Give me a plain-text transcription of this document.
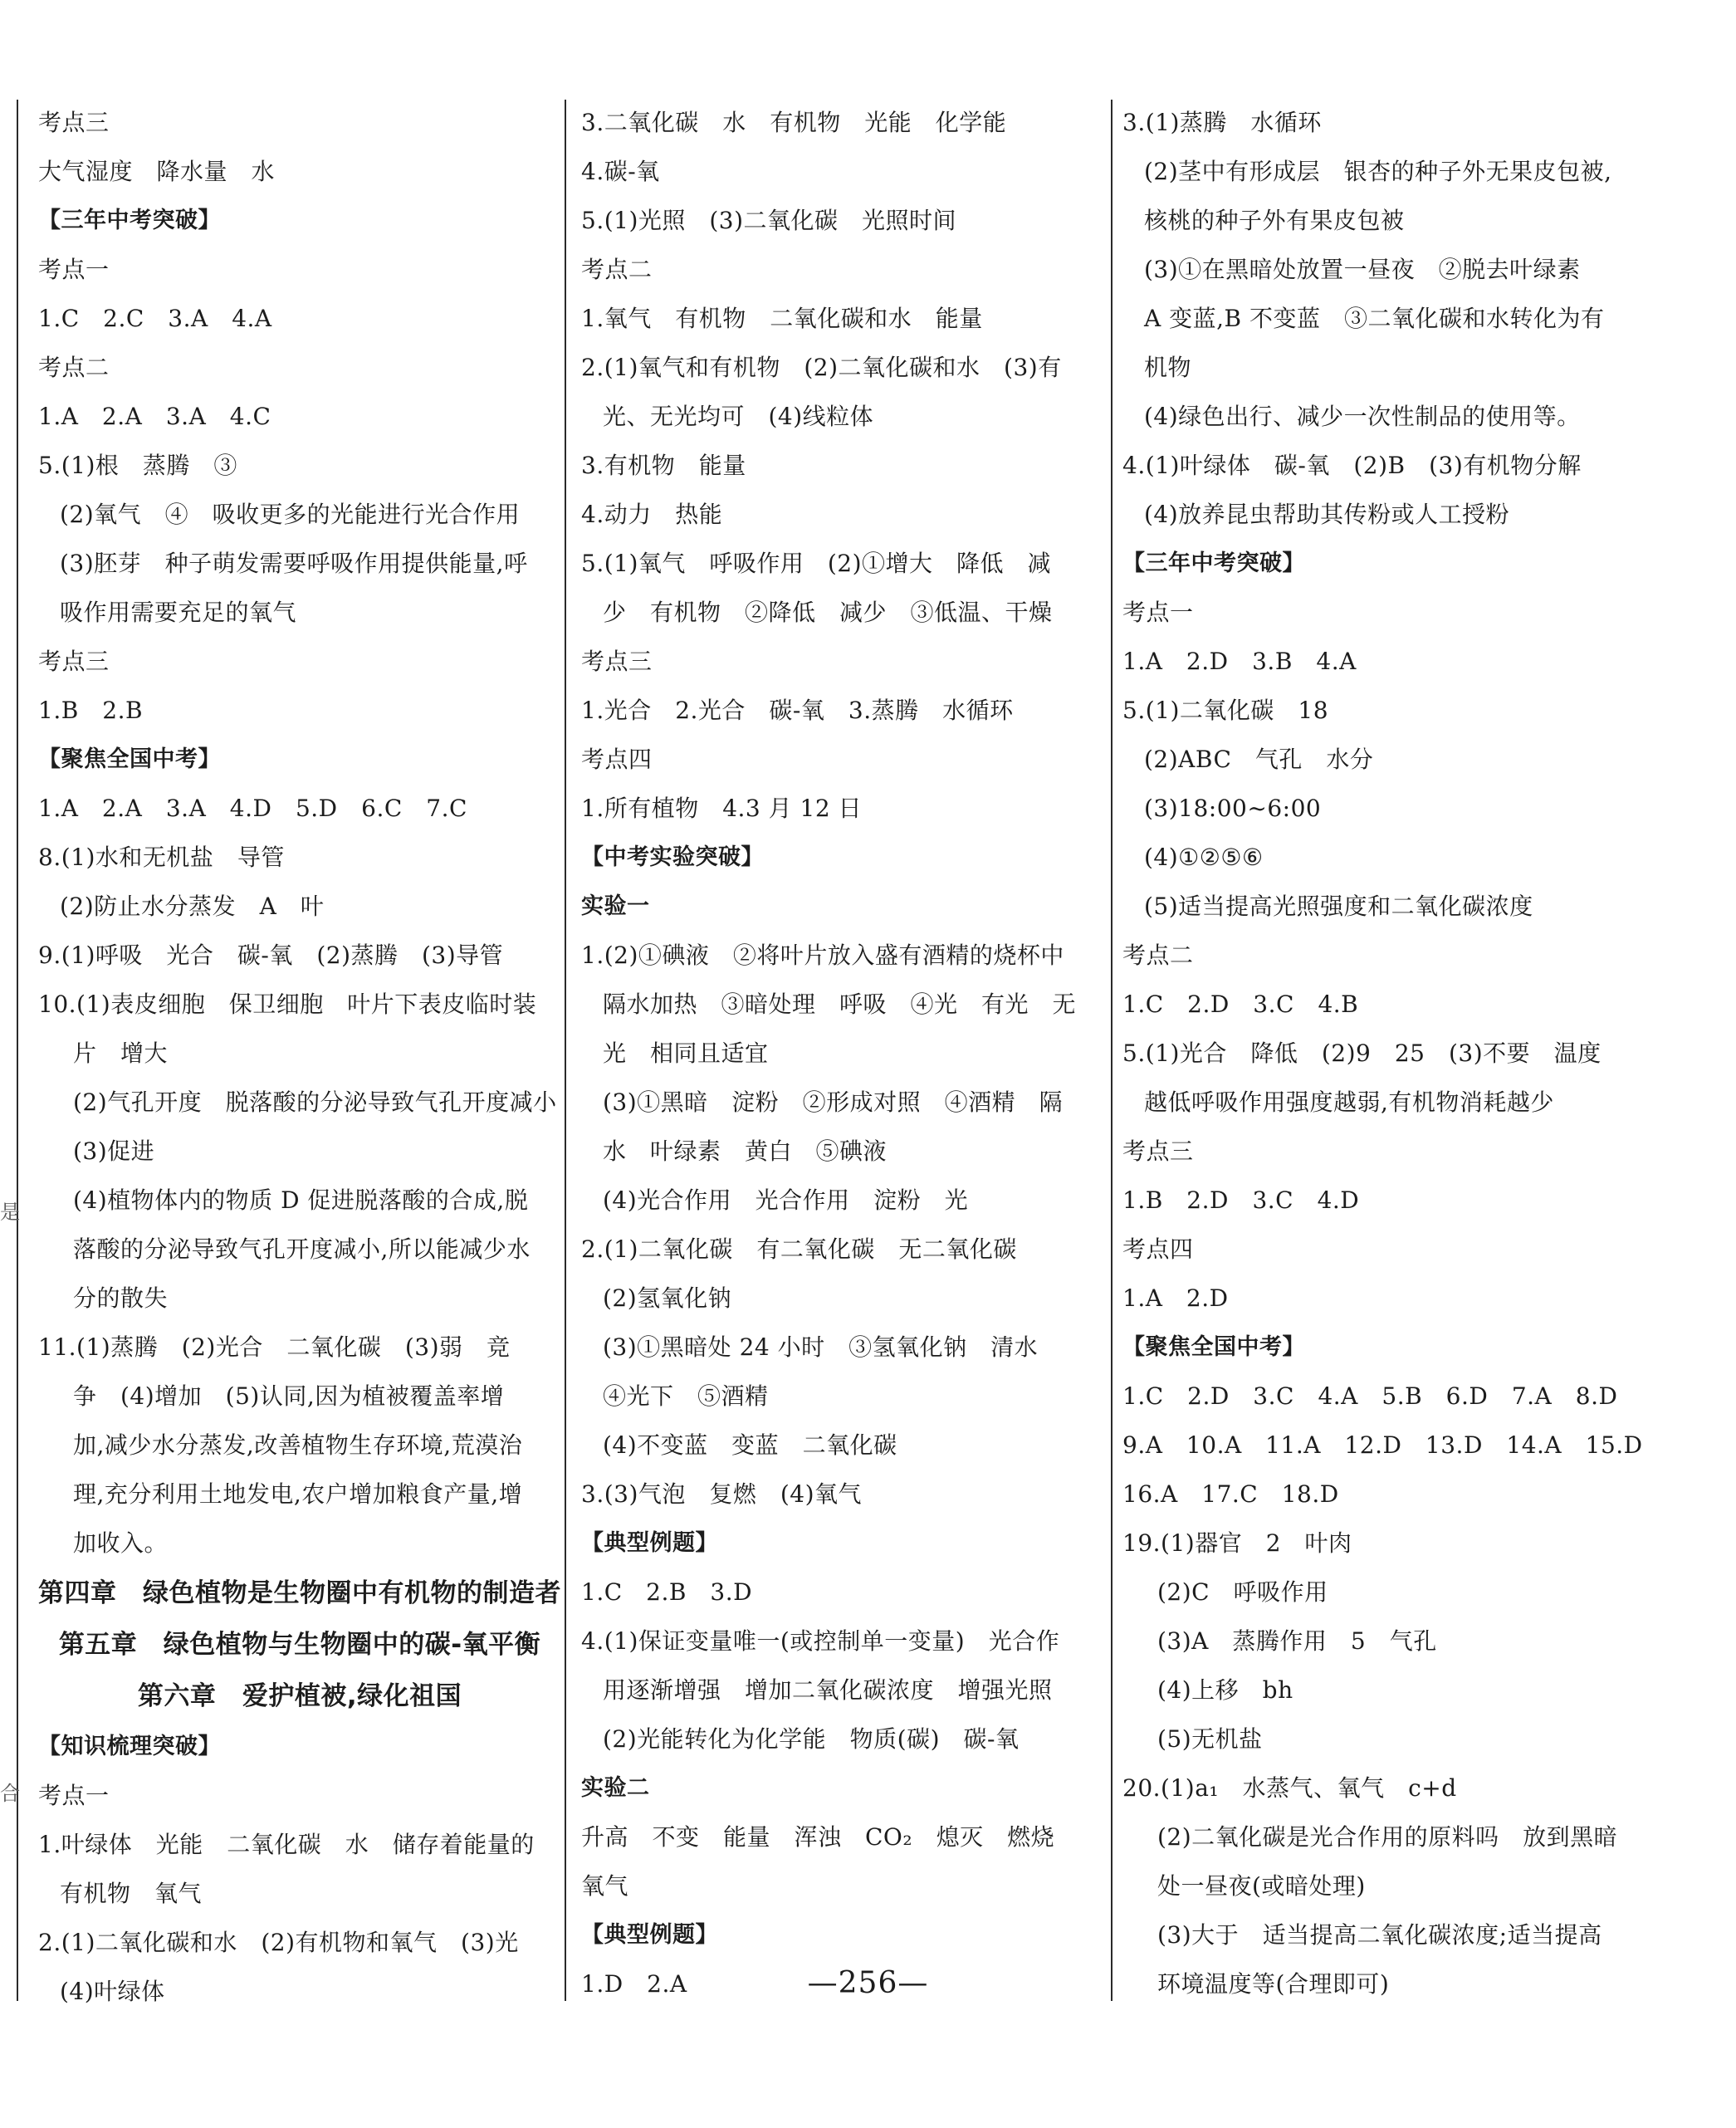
是
合
考点三
大气湿度　降水量　水
【三年中考突破】
考点一
1.C　2.C　3.A　4.A
考点二
1.A　2.A　3.A　4.C
5.(1)根　蒸腾　③
(2)氧气　④　吸收更多的光能进行光合作用
(3)胚芽　种子萌发需要呼吸作用提供能量,呼
吸作用需要充足的氧气
考点三
1.B　2.B
【聚焦全国中考】
1.A　2.A　3.A　4.D　5.D　6.C　7.C
8.(1)水和无机盐　导管
(2)防止水分蒸发　A　叶
9.(1)呼吸　光合　碳-氧　(2)蒸腾　(3)导管
10.(1)表皮细胞　保卫细胞　叶片下表皮临时装
片　增大
(2)气孔开度　脱落酸的分泌导致气孔开度减小
(3)促进
(4)植物体内的物质 D 促进脱落酸的合成,脱
落酸的分泌导致气孔开度减小,所以能减少水
分的散失
11.(1)蒸腾　(2)光合　二氧化碳　(3)弱　竞
争　(4)增加　(5)认同,因为植被覆盖率增
加,减少水分蒸发,改善植物生存环境,荒漠治
理,充分利用土地发电,农户增加粮食产量,增
加收入。
第四章　绿色植物是生物圈中有机物的制造者
第五章　绿色植物与生物圈中的碳-氧平衡
第六章　爱护植被,绿化祖国
【知识梳理突破】
考点一
1.叶绿体　光能　二氧化碳　水　储存着能量的
有机物　氧气
2.(1)二氧化碳和水　(2)有机物和氧气　(3)光
(4)叶绿体
3.二氧化碳　水　有机物　光能　化学能
4.碳-氧
5.(1)光照　(3)二氧化碳　光照时间
考点二
1.氧气　有机物　二氧化碳和水　能量
2.(1)氧气和有机物　(2)二氧化碳和水　(3)有
光、无光均可　(4)线粒体
3.有机物　能量
4.动力　热能
5.(1)氧气　呼吸作用　(2)①增大　降低　减
少　有机物　②降低　减少　③低温、干燥
考点三
1.光合　2.光合　碳-氧　3.蒸腾　水循环
考点四
1.所有植物　4.3 月 12 日
【中考实验突破】
实验一
1.(2)①碘液　②将叶片放入盛有酒精的烧杯中
隔水加热　③暗处理　呼吸　④光　有光　无
光　相同且适宜
(3)①黑暗　淀粉　②形成对照　④酒精　隔
水　叶绿素　黄白　⑤碘液
(4)光合作用　光合作用　淀粉　光
2.(1)二氧化碳　有二氧化碳　无二氧化碳
(2)氢氧化钠
(3)①黑暗处 24 小时　③氢氧化钠　清水
④光下　⑤酒精
(4)不变蓝　变蓝　二氧化碳
3.(3)气泡　复燃　(4)氧气
【典型例题】
1.C　2.B　3.D
4.(1)保证变量唯一(或控制单一变量)　光合作
用逐渐增强　增加二氧化碳浓度　增强光照
(2)光能转化为化学能　物质(碳)　碳-氧
实验二
升高　不变　能量　浑浊　CO₂　熄灭　燃烧
氧气
【典型例题】
1.D　2.A
3.(1)蒸腾　水循环
(2)茎中有形成层　银杏的种子外无果皮包被,
核桃的种子外有果皮包被
(3)①在黑暗处放置一昼夜　②脱去叶绿素
A 变蓝,B 不变蓝　③二氧化碳和水转化为有
机物
(4)绿色出行、减少一次性制品的使用等。
4.(1)叶绿体　碳-氧　(2)B　(3)有机物分解
(4)放养昆虫帮助其传粉或人工授粉
【三年中考突破】
考点一
1.A　2.D　3.B　4.A
5.(1)二氧化碳　18
(2)ABC　气孔　水分
(3)18:00~6:00
(4)①②⑤⑥
(5)适当提高光照强度和二氧化碳浓度
考点二
1.C　2.D　3.C　4.B
5.(1)光合　降低　(2)9　25　(3)不要　温度
越低呼吸作用强度越弱,有机物消耗越少
考点三
1.B　2.D　3.C　4.D
考点四
1.A　2.D
【聚焦全国中考】
1.C　2.D　3.C　4.A　5.B　6.D　7.A　8.D
9.A　10.A　11.A　12.D　13.D　14.A　15.D
16.A　17.C　18.D
19.(1)器官　2　叶肉
(2)C　呼吸作用
(3)A　蒸腾作用　5　气孔
(4)上移　bh
(5)无机盐
20.(1)a₁　水蒸气、氧气　c+d
(2)二氧化碳是光合作用的原料吗　放到黑暗
处一昼夜(或暗处理)
(3)大于　适当提高二氧化碳浓度;适当提高
环境温度等(合理即可)
—256—
